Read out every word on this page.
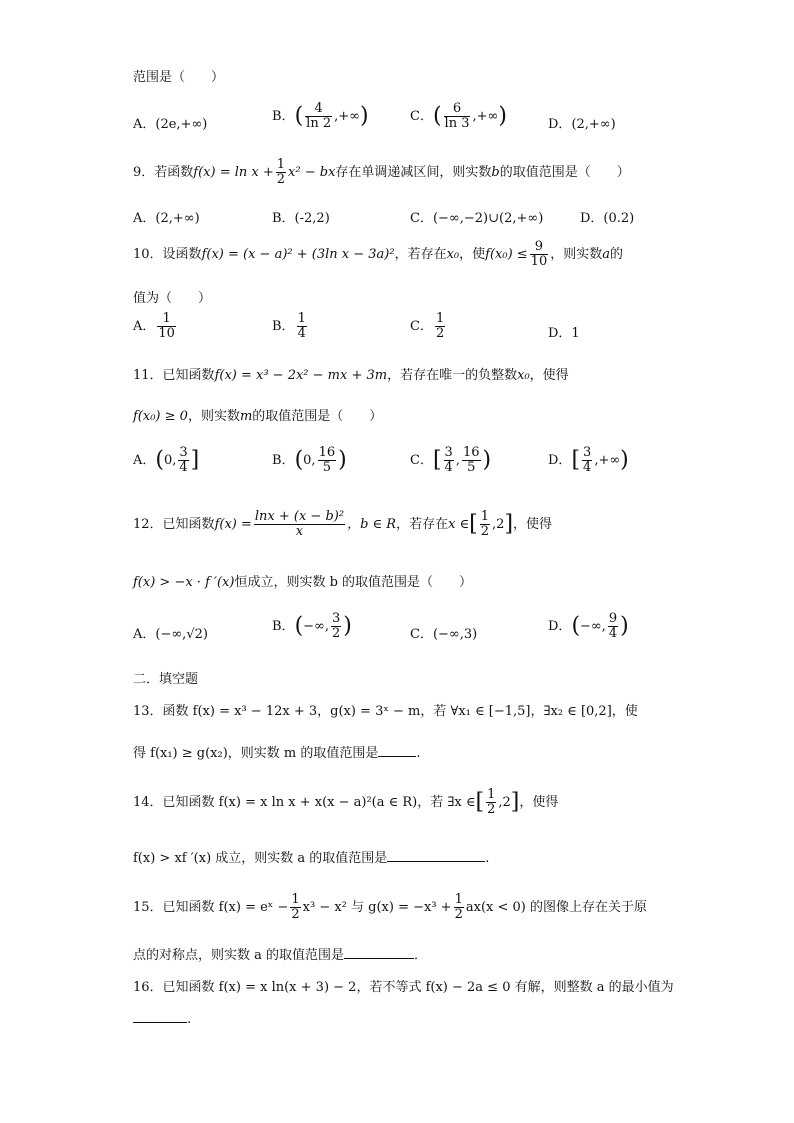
范围是（　　）
A．(2e,+∞)
B．( $\frac{4}{\ln 2}$ ,+∞)	C．( $\frac{6}{\ln 3}$ ,+∞)	D．(2,+∞)
9．若函数$f(x) = \ln x + \frac{1}{2} x^2$ − bx存在单调递减区间，则实数b的取值范围是（　　）
A．(2,+∞)	B．(-2,2)	C．(−∞,−2)∪(2,+∞)	D．(0.2)
10．设函数f(x) = (x − a)² + (3ln x − 3a)²，若存在x₀，使$f(x_0) \le \frac{9}{10}$ ，则实数a的
值为（　　）
A． $\frac{1}{10}$	B． $\frac{1}{4}$	C． $\frac{1}{2}$	D．1
11．已知函数f(x) = x³ − 2x² − mx + 3m，若存在唯一的负整数x₀，使得
f(x₀) ≥ 0，则实数m的取值范围是（　　）
A．(0, $\frac{3}{4}$ ]	B．(0, $\frac{16}{5}$ )	C．[ $\frac{3}{4}$ , $\frac{16}{5}$ )	D．[ $\frac{3}{4}$ ,+∞)
12．已知函数$f(x) = \frac{\text{lnx + (x − b)²}}{x}$ ，b ∈ R，若存在x ∈[ $\frac{1}{2} ,2$]，使得
f(x) > −x · f ′(x)恒成立，则实数 b 的取值范围是（　　）
A．(−∞,√2)
B．(−∞, $\frac{3}{2}$ )	C．(−∞,3)
D．(−∞, $\frac{9}{4}$ )
二．填空题
13．函数 f(x) = x³ − 12x + 3，g(x) = 3ˣ − m，若 ∀x₁ ∈ [−1,5]，∃x₂ ∈ [0,2]，使
得 f(x₁) ≥ g(x₂)，则实数 m 的取值范围是	.
14．已知函数 f(x) = x ln x + x(x − a)²(a ∈ R)，若 ∃x ∈[ $\frac{1}{2} ,2$]，使得
f(x) > xf ′(x) 成立，则实数 a 的取值范围是	.
15．已知函数 f(x) = eˣ − $\frac{1}{2} x^3 - x^2$ 与 $g(x) = -x^3 + \frac{1}{2} ax(x < 0)$ 的图像上存在关于原
点的对称点，则实数 a 的取值范围是	．
16．已知函数 f(x) = x ln(x + 3) − 2，若不等式 f(x) − 2a ≤ 0 有解，则整数 a 的最小值为
.
